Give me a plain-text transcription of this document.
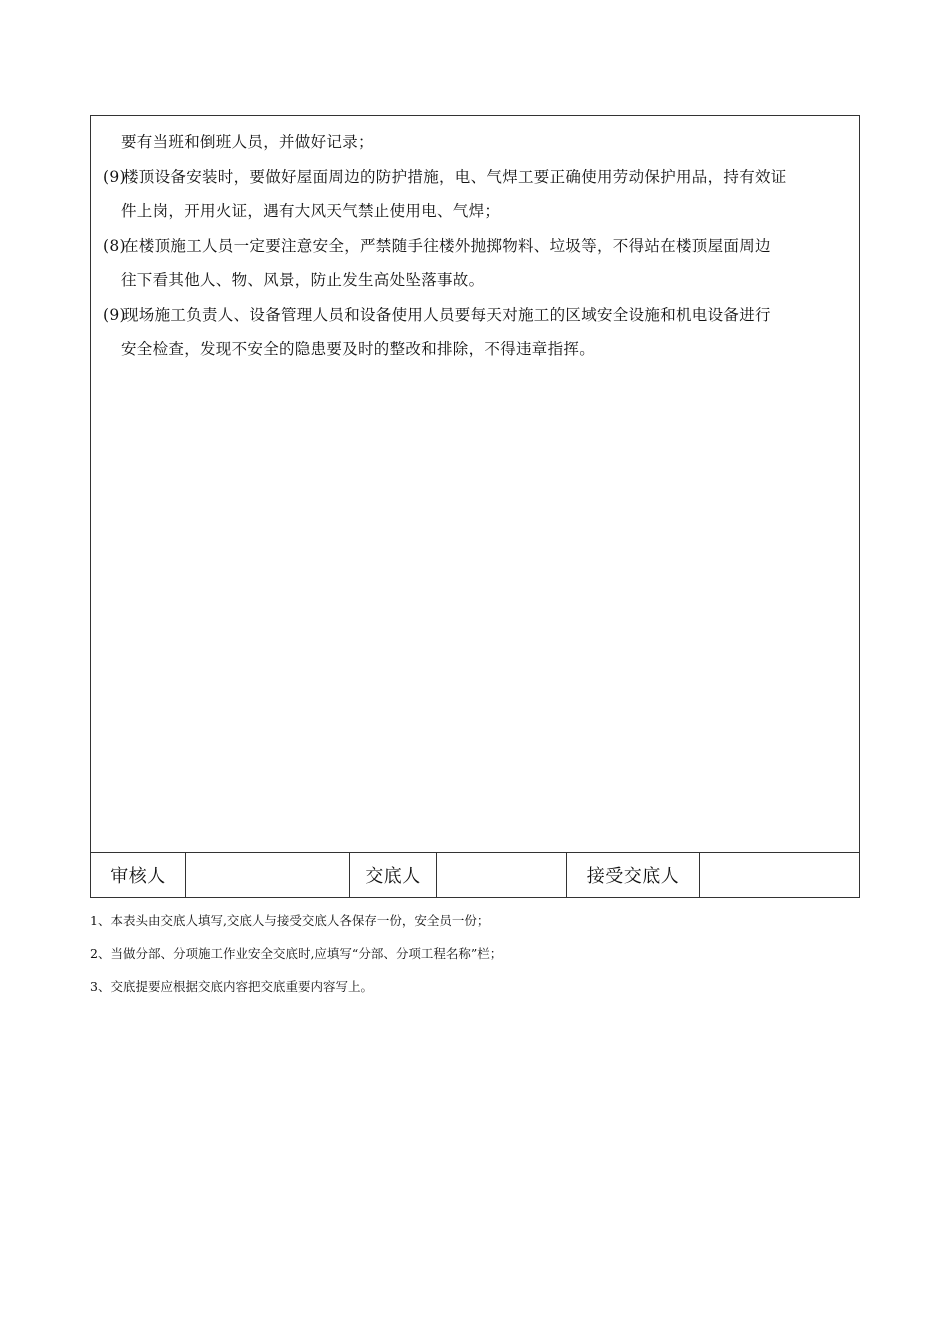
要有当班和倒班人员，并做好记录；
(9)楼顶设备安装时，要做好屋面周边的防护措施，电、气焊工要正确使用劳动保护用品，持有效证
件上岗，开用火证，遇有大风天气禁止使用电、气焊；
(8)在楼顶施工人员一定要注意安全，严禁随手往楼外抛掷物料、垃圾等，不得站在楼顶屋面周边
往下看其他人、物、风景，防止发生高处坠落事故。
(9)现场施工负责人、设备管理人员和设备使用人员要每天对施工的区域安全设施和机电设备进行
安全检查，发现不安全的隐患要及时的整改和排除，不得违章指挥。
审核人	交底人	接受交底人
1、本表头由交底人填写,交底人与接受交底人各保存一份，安全员一份；
2、当做分部、分项施工作业安全交底时,应填写“分部、分项工程名称”栏；
3、交底提要应根据交底内容把交底重要内容写上。
